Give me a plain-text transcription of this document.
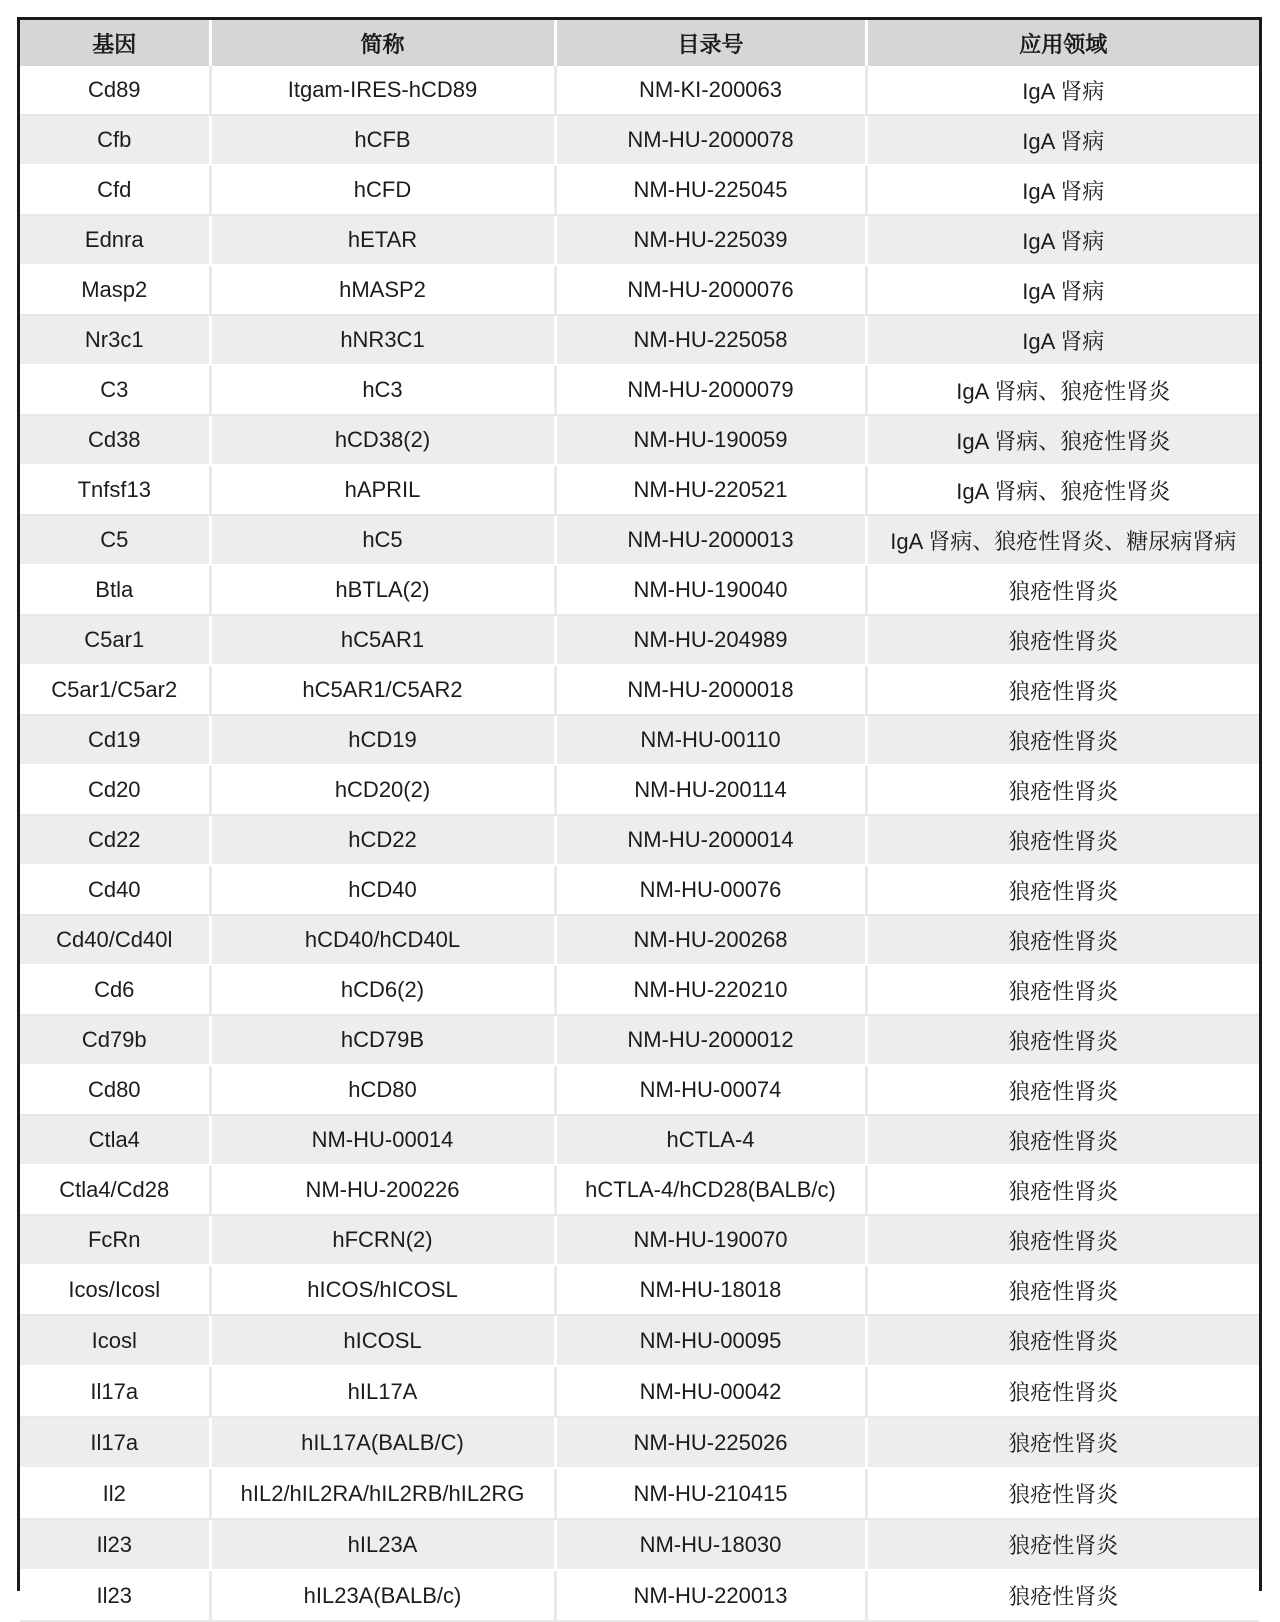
基因	简称	目录号	应用领域
Cd89	Itgam-IRES-hCD89	NM-KI-200063	IgA 肾病
Cfb	hCFB	NM-HU-2000078	IgA 肾病
Cfd	hCFD	NM-HU-225045	IgA 肾病
Ednra	hETAR	NM-HU-225039	IgA 肾病
Masp2	hMASP2	NM-HU-2000076	IgA 肾病
Nr3c1	hNR3C1	NM-HU-225058	IgA 肾病
C3	hC3	NM-HU-2000079	IgA 肾病、狼疮性肾炎
Cd38	hCD38(2)	NM-HU-190059	IgA 肾病、狼疮性肾炎
Tnfsf13	hAPRIL	NM-HU-220521	IgA 肾病、狼疮性肾炎
C5	hC5	NM-HU-2000013	IgA 肾病、狼疮性肾炎、糖尿病肾病
Btla	hBTLA(2)	NM-HU-190040	狼疮性肾炎
C5ar1	hC5AR1	NM-HU-204989	狼疮性肾炎
C5ar1/C5ar2	hC5AR1/C5AR2	NM-HU-2000018	狼疮性肾炎
Cd19	hCD19	NM-HU-00110	狼疮性肾炎
Cd20	hCD20(2)	NM-HU-200114	狼疮性肾炎
Cd22	hCD22	NM-HU-2000014	狼疮性肾炎
Cd40	hCD40	NM-HU-00076	狼疮性肾炎
Cd40/Cd40l	hCD40/hCD40L	NM-HU-200268	狼疮性肾炎
Cd6	hCD6(2)	NM-HU-220210	狼疮性肾炎
Cd79b	hCD79B	NM-HU-2000012	狼疮性肾炎
Cd80	hCD80	NM-HU-00074	狼疮性肾炎
Ctla4	NM-HU-00014	hCTLA-4	狼疮性肾炎
Ctla4/Cd28	NM-HU-200226	hCTLA-4/hCD28(BALB/c)	狼疮性肾炎
FcRn	hFCRN(2)	NM-HU-190070	狼疮性肾炎
Icos/Icosl	hICOS/hICOSL	NM-HU-18018	狼疮性肾炎
Icosl	hICOSL	NM-HU-00095	狼疮性肾炎
Il17a	hIL17A	NM-HU-00042	狼疮性肾炎
Il17a	hIL17A(BALB/C)	NM-HU-225026	狼疮性肾炎
Il2	hIL2/hIL2RA/hIL2RB/hIL2RG	NM-HU-210415	狼疮性肾炎
Il23	hIL23A	NM-HU-18030	狼疮性肾炎
Il23	hIL23A(BALB/c)	NM-HU-220013	狼疮性肾炎
